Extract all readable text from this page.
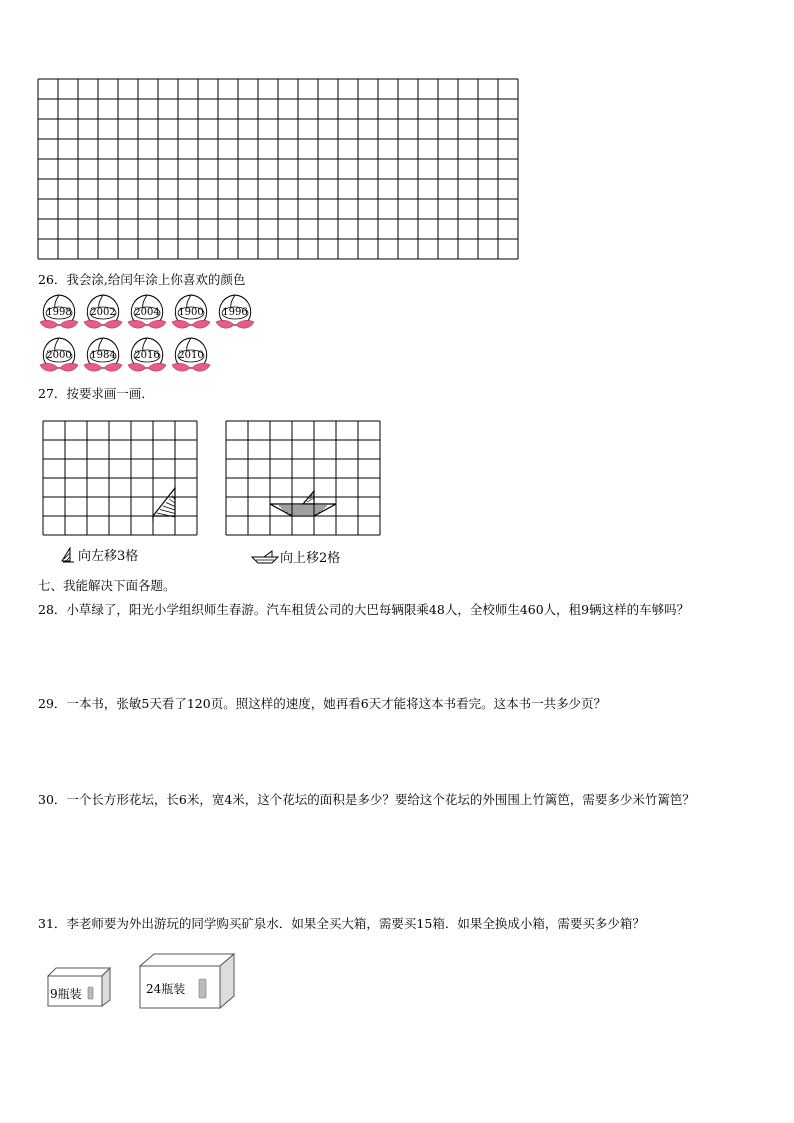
26．我会涂,给闰年涂上你喜欢的颜色
1998	2002	2004	1900	1996
2000	1984	2016	2010
27．按要求画一画．
向左移3格	向上移2格
七、我能解决下面各题。
28．小草绿了，阳光小学组织师生春游。汽车租赁公司的大巴每辆限乘48人，全校师生460人，租9辆这样的车够吗？
29．一本书，张敏5天看了120页。照这样的速度，她再看6天才能将这本书看完。这本书一共多少页？
30．一个长方形花坛，长6米，宽4米，这个花坛的面积是多少？要给这个花坛的外围围上竹篱笆，需要多少米竹篱笆？
31．李老师要为外出游玩的同学购买矿泉水．如果全买大箱，需要买15箱．如果全换成小箱，需要买多少箱？
9瓶装	24瓶装
